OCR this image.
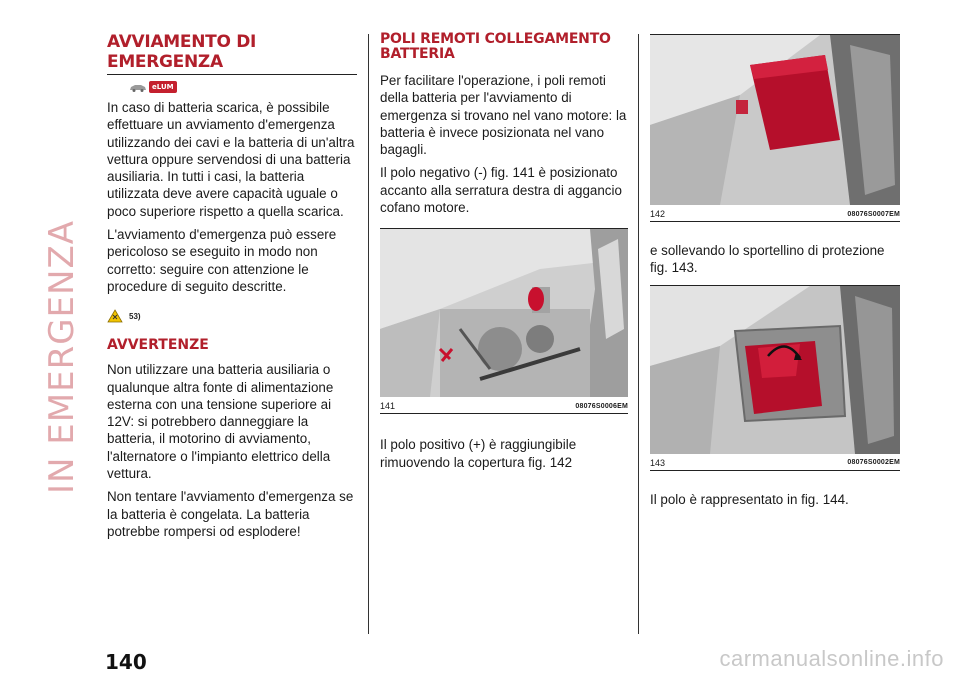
IN EMERGENZA
AVVIAMENTO DI EMERGENZA
eLUM

In caso di batteria scarica, è possibile effettuare un avviamento d'emergenza utilizzando dei cavi e la batteria di un'altra vettura oppure servendosi di una batteria ausiliaria. In tutti i casi, la batteria utilizzata deve avere capacità uguale o poco superiore rispetto a quella scarica.

L'avviamento d'emergenza può essere pericoloso se eseguito in modo non corretto: seguire con attenzione le procedure di seguito descritte.

53)
AVVERTENZE

Non utilizzare una batteria ausiliaria o qualunque altra fonte di alimentazione esterna con una tensione superiore ai 12V: si potrebbero danneggiare la batteria, il motorino di avviamento, l'alternatore o l'impianto elettrico della vettura.

Non tentare l'avviamento d'emergenza se la batteria è congelata. La batteria potrebbe rompersi od esplodere!

POLI REMOTI COLLEGAMENTO BATTERIA

Per facilitare l'operazione, i poli remoti della batteria per l'avviamento di emergenza si trovano nel vano motore: la batteria è invece posizionata nel vano bagagli.

Il polo negativo (-) fig. 141 è posizionato accanto alla serratura destra di aggancio cofano motore.

141	08076S0006EM

Il polo positivo (+) è raggiungibile rimuovendo la copertura fig. 142

142	08076S0007EM

e sollevando lo sportellino di protezione fig. 143.

143	08076S0002EM

Il polo è rappresentato in fig. 144.

140	carmanualsonline.info
